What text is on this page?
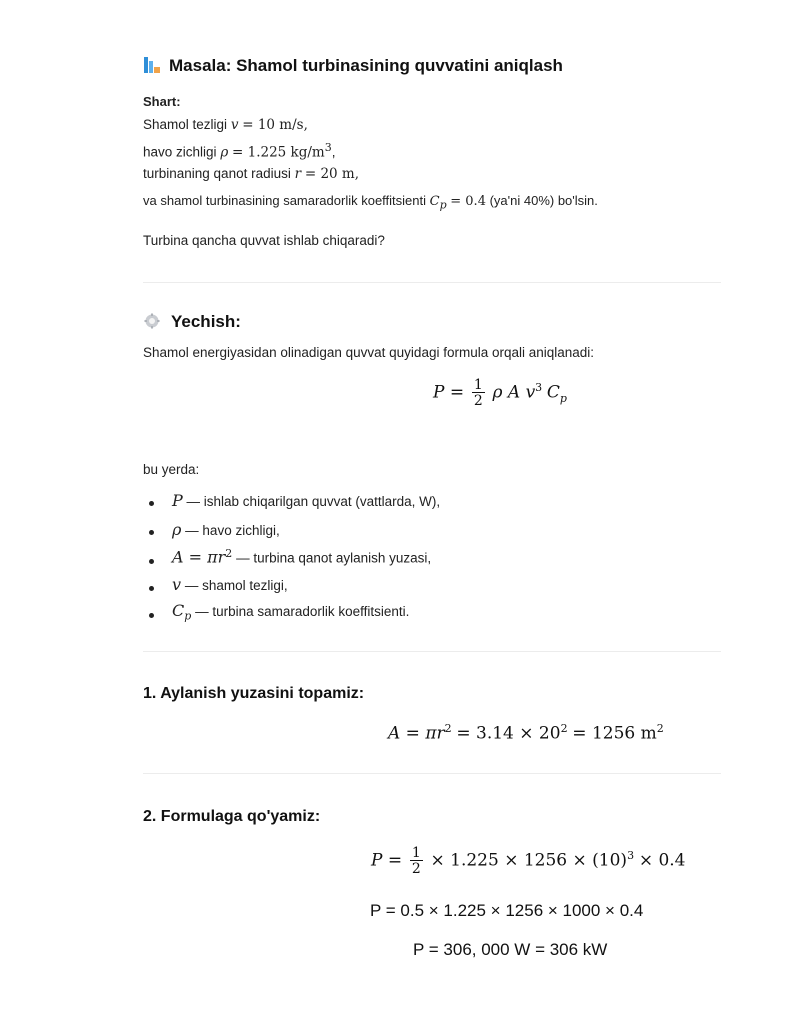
Masala: Shamol turbinasining quvvatini aniqlash
Shart:
Shamol tezligi v = 10 m/s,
havo zichligi ρ = 1.225 $kg/m^3$,
turbinaning qanot radiusi r = 20 m,
va shamol turbinasining samaradorlik koeffitsienti $C_p = 0.4$ (ya'ni 40%) bo'lsin.
Turbina qancha quvvat ishlab chiqaradi?
Yechish:
Shamol energiyasidan olinadigan quvvat quyidagi formula orqali aniqlanadi:
$P = \frac{1}{2}$ ρ A $v^3$ $C_p$
bu yerda:
P — ishlab chiqarilgan quvvat (vattlarda, W),
ρ — havo zichligi,
$A = \pi r^2$ — turbina qanot aylanish yuzasi,
v — shamol tezligi,
$C_p$ — turbina samaradorlik koeffitsienti.
1. Aylanish yuzasini topamiz:
$A = \pi r^2 = 3.14 \times 20^2 = 1256$ $m^2$
2. Formulaga qo'yamiz:
$P = \frac{1}{2} \times 1.225 \times 1256 \times (10)^3 \times 0.4$
P = 0.5 × 1.225 × 1256 × 1000 × 0.4
P = 306, 000 W = 306 kW
